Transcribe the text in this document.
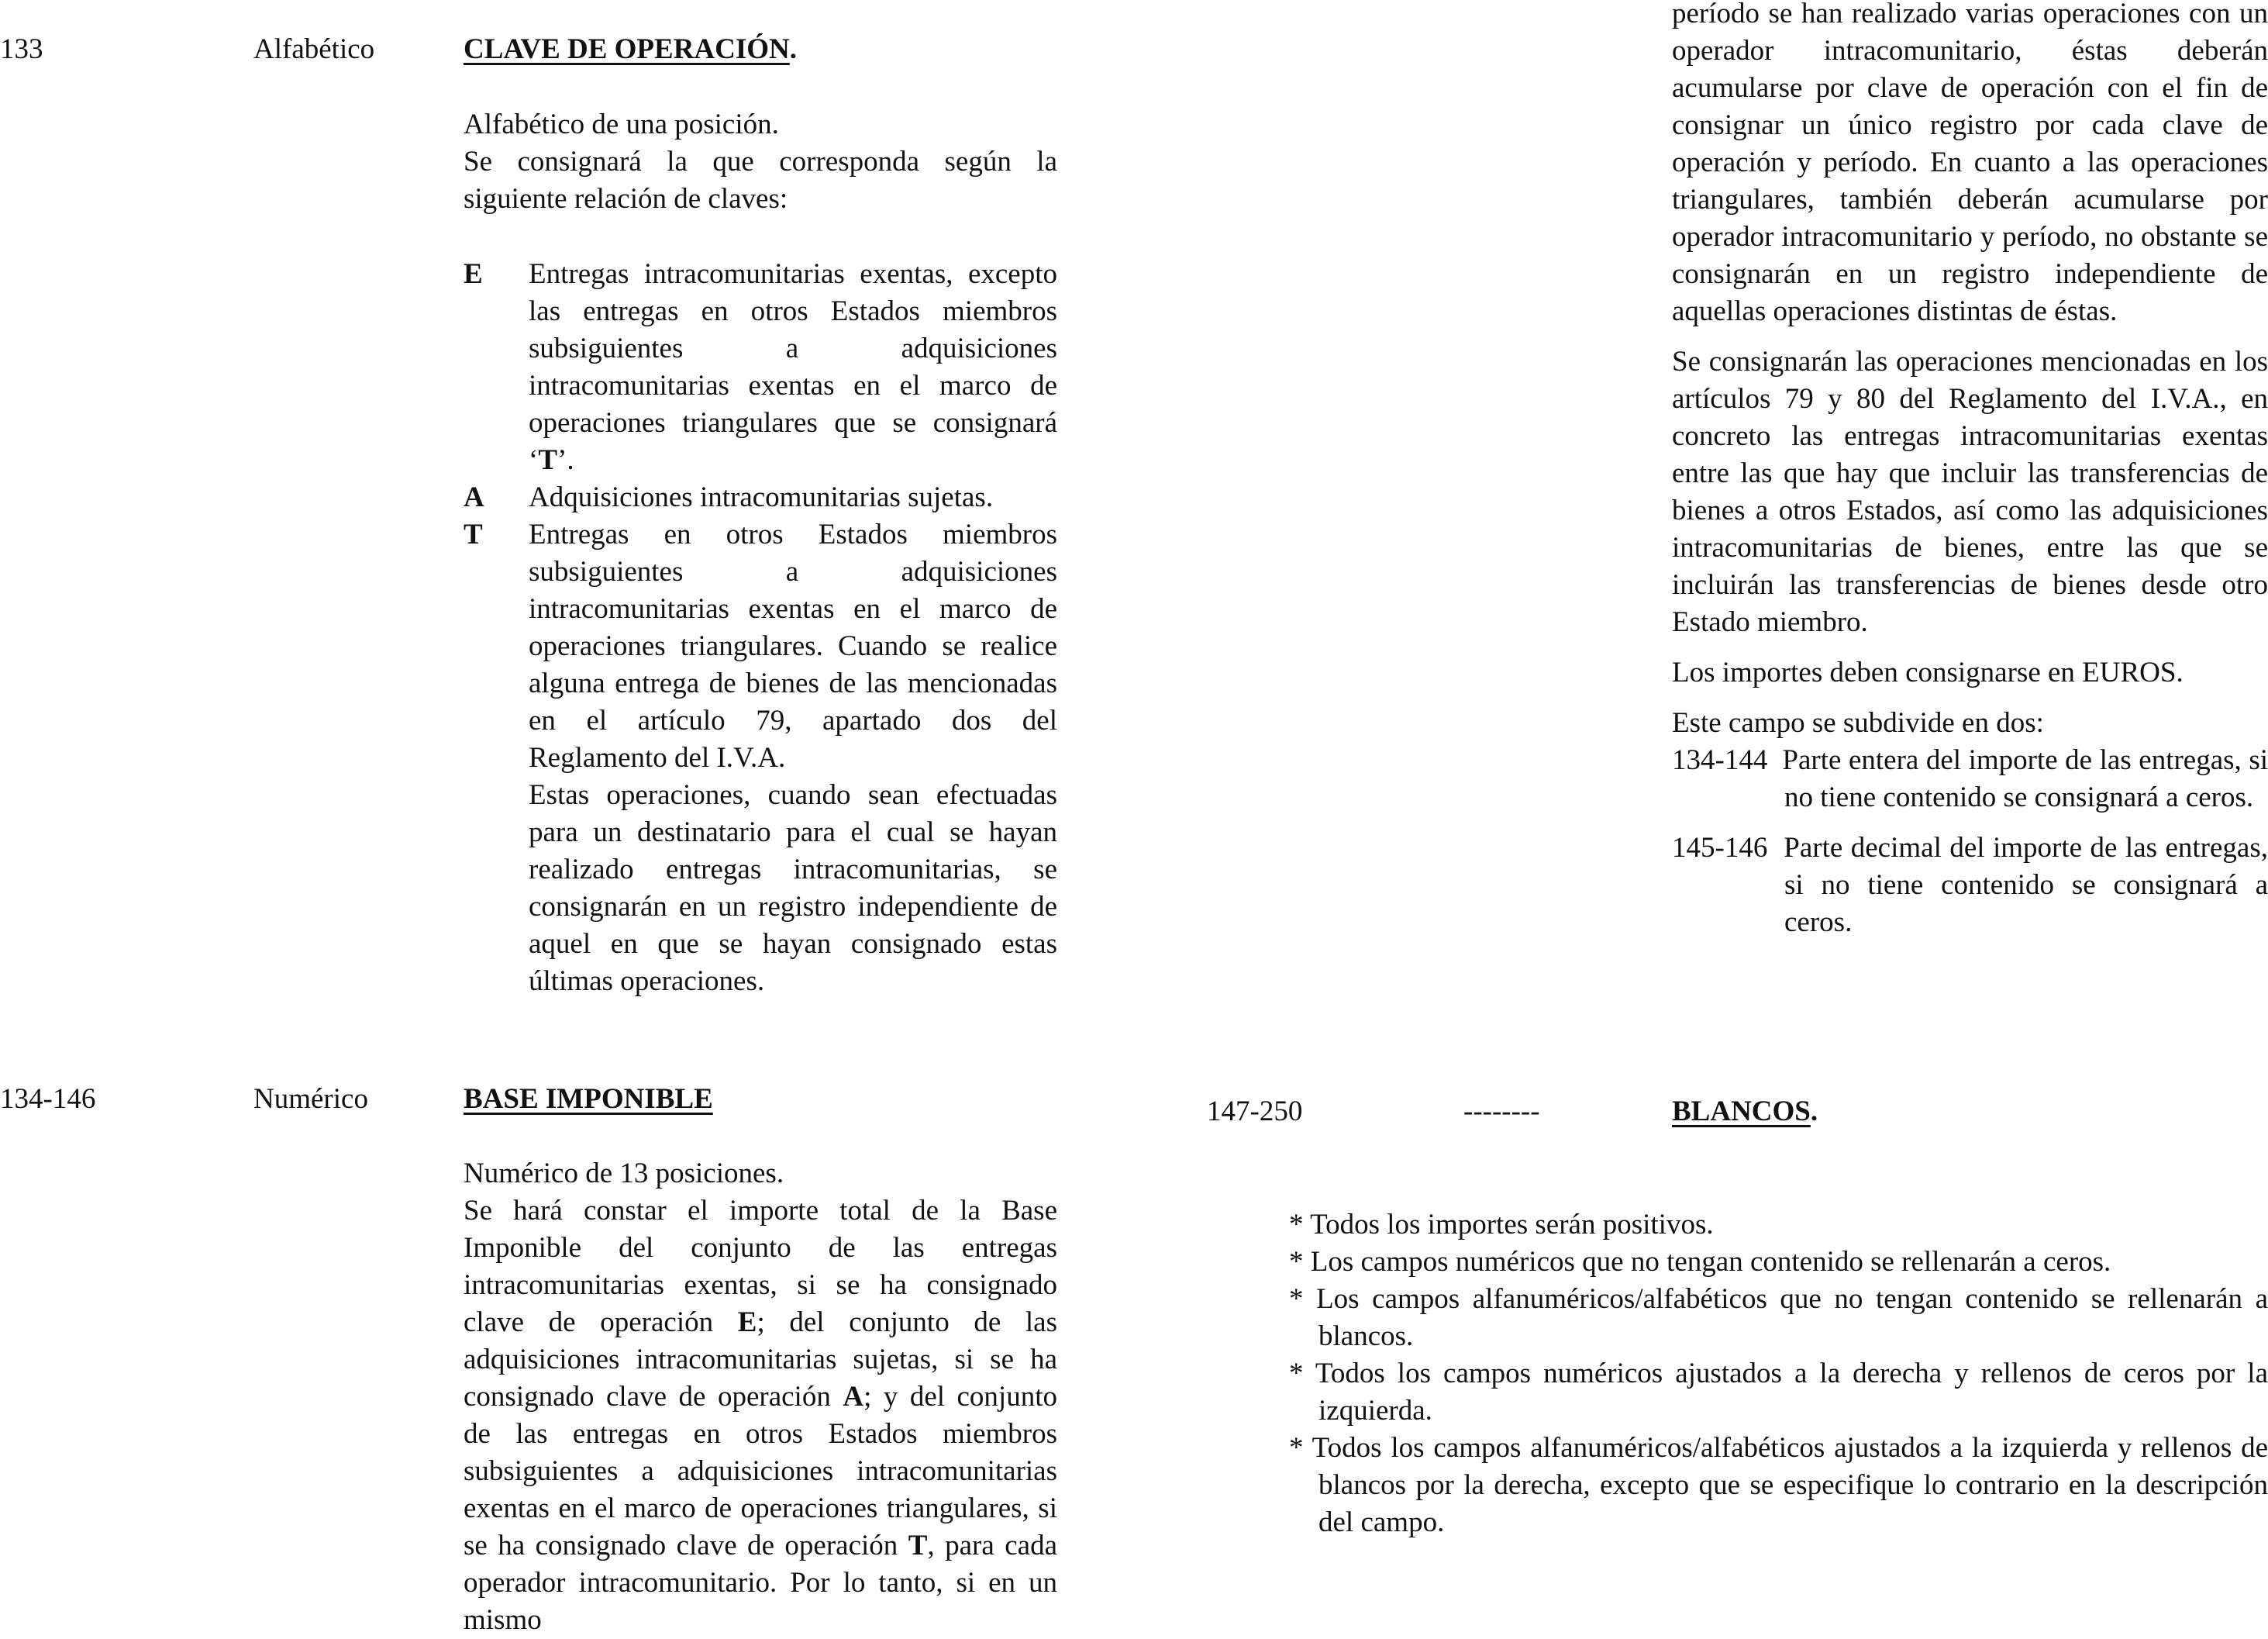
133	Alfabético	CLAVE DE OPERACIÓN.

Alfabético de una posición.

Se consignará la que corresponda según la siguiente relación de claves:

E	Entregas intracomunitarias exentas, excepto las entregas en otros Estados miembros subsiguientes a adquisiciones intracomunitarias exentas en el marco de operaciones triangulares que se consignará ‘T’.
A	Adquisiciones intracomunitarias sujetas.
T	Entregas en otros Estados miembros subsiguientes a adquisiciones intracomunitarias exentas en el marco de operaciones triangulares. Cuando se realice alguna entrega de bienes de las mencionadas en el artículo 79, apartado dos del Reglamento del I.V.A.
Estas operaciones, cuando sean efectuadas para un destinatario para el cual se hayan realizado entregas intracomunitarias, se consignarán en un registro independiente de aquel en que se hayan consignado estas últimas operaciones.
134-146	Numérico	BASE IMPONIBLE

Numérico de 13 posiciones.

Se hará constar el importe total de la Base Imponible del conjunto de las entregas intracomunitarias exentas, si se ha consignado clave de operación E; del conjunto de las adquisiciones intracomunitarias sujetas, si se ha consignado clave de operación A; y del conjunto de las entregas en otros Estados miembros subsiguientes a adquisiciones intracomunitarias exentas en el marco de operaciones triangulares, si se ha consignado clave de operación T, para cada operador intracomunitario. Por lo tanto, si en un mismo

período se han realizado varias operaciones con un operador intracomunitario, éstas deberán acumularse por clave de operación con el fin de consignar un único registro por cada clave de operación y período. En cuanto a las operaciones triangulares, también deberán acumularse por operador intracomunitario y período, no obstante se consignarán en un registro independiente de aquellas operaciones distintas de éstas.

Se consignarán las operaciones mencionadas en los artículos 79 y 80 del Reglamento del I.V.A., en concreto las entregas intracomunitarias exentas entre las que hay que incluir las transferencias de bienes a otros Estados, así como las adquisiciones intracomunitarias de bienes, entre las que se incluirán las transferencias de bienes desde otro Estado miembro.

Los importes deben consignarse en EUROS.

Este campo se subdivide en dos:

134-144 Parte entera del importe de las entregas, si no tiene contenido se consignará a ceros.

145-146 Parte decimal del importe de las entregas, si no tiene contenido se consignará a ceros.

147-250	--------	BLANCOS.

* Todos los importes serán positivos.

* Los campos numéricos que no tengan contenido se rellenarán a ceros.

* Los campos alfanuméricos/alfabéticos que no tengan contenido se rellenarán a blancos.

* Todos los campos numéricos ajustados a la derecha y rellenos de ceros por la izquierda.

* Todos los campos alfanuméricos/alfabéticos ajustados a la izquierda y rellenos de blancos por la derecha, excepto que se especifique lo contrario en la descripción del campo.
